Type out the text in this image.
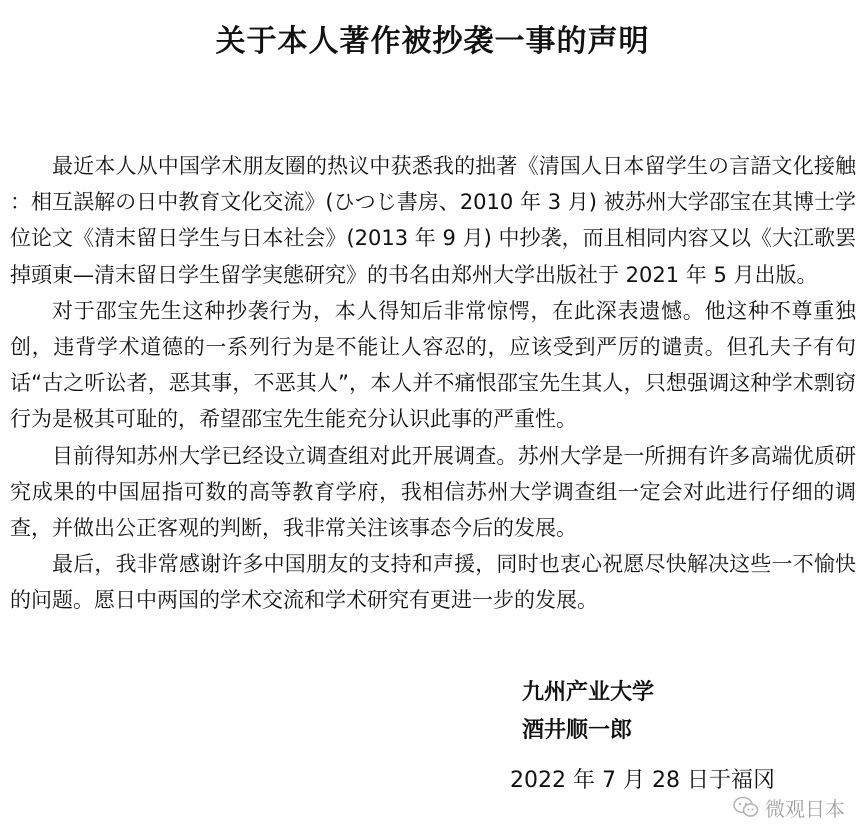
关于本人著作被抄袭一事的声明

最近本人从中国学术朋友圈的热议中获悉我的拙著《清国人日本留学生の言語文化接触 ：相互誤解の日中教育文化交流》(ひつじ書房、2010 年 3 月) 被苏州大学邵宝在其博士学位论文《清末留日学生与日本社会》(2013 年 9 月) 中抄袭，而且相同内容又以《大江歌罢掉頭東—清末留日学生留学実態研究》的书名由郑州大学出版社于 2021 年 5 月出版。

对于邵宝先生这种抄袭行为，本人得知后非常惊愕，在此深表遗憾。他这种不尊重独创，违背学术道德的一系列行为是不能让人容忍的，应该受到严厉的谴责。但孔夫子有句话“古之听讼者，恶其事，不恶其人”，本人并不痛恨邵宝先生其人，只想强调这种学术剽窃行为是极其可耻的，希望邵宝先生能充分认识此事的严重性。

目前得知苏州大学已经设立调查组对此开展调查。苏州大学是一所拥有许多高端优质研究成果的中国屈指可数的高等教育学府，我相信苏州大学调查组一定会对此进行仔细的调查，并做出公正客观的判断，我非常关注该事态今后的发展。

最后，我非常感谢许多中国朋友的支持和声援，同时也衷心祝愿尽快解决这些一不愉快的问题。愿日中两国的学术交流和学术研究有更进一步的发展。

九州产业大学
酒井顺一郎
2022 年 7 月 28 日于福冈
微观日本
